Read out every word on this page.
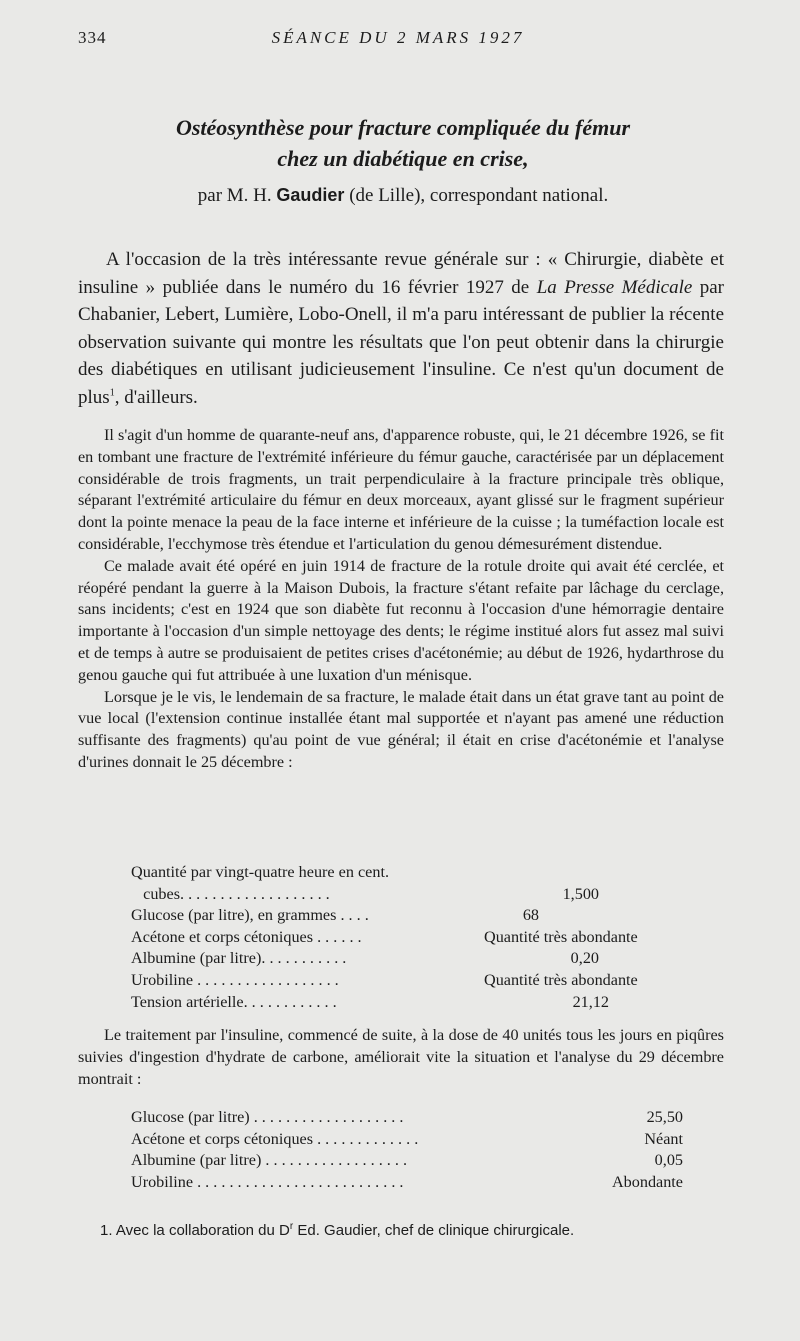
334	SÉANCE DU 2 MARS 1927
Ostéosynthèse pour fracture compliquée du fémur
chez un diabétique en crise,
par M. H. Gaudier (de Lille), correspondant national.

A l'occasion de la très intéressante revue générale sur : « Chirurgie, diabète et insuline » publiée dans le numéro du 16 février 1927 de La Presse Médicale par Chabanier, Lebert, Lumière, Lobo-Onell, il m'a paru intéressant de publier la récente observation suivante qui montre les résultats que l'on peut obtenir dans la chirurgie des diabétiques en utilisant judicieusement l'insuline. Ce n'est qu'un document de plus$^1$, d'ailleurs.

Il s'agit d'un homme de quarante-neuf ans, d'apparence robuste, qui, le 21 décembre 1926, se fit en tombant une fracture de l'extrémité inférieure du fémur gauche, caractérisée par un déplacement considérable de trois fragments, un trait perpendiculaire à la fracture principale très oblique, séparant l'extrémité articulaire du fémur en deux morceaux, ayant glissé sur le fragment supérieur dont la pointe menace la peau de la face interne et inférieure de la cuisse ; la tuméfaction locale est considérable, l'ecchymose très étendue et l'articulation du genou démesurément distendue.

Ce malade avait été opéré en juin 1914 de fracture de la rotule droite qui avait été cerclée, et réopéré pendant la guerre à la Maison Dubois, la fracture s'étant refaite par lâchage du cerclage, sans incidents; c'est en 1924 que son diabète fut reconnu à l'occasion d'une hémorragie dentaire importante à l'occasion d'un simple nettoyage des dents; le régime institué alors fut assez mal suivi et de temps à autre se produisaient de petites crises d'acétonémie; au début de 1926, hydarthrose du genou gauche qui fut attribuée à une luxation d'un ménisque.

Lorsque je le vis, le lendemain de sa fracture, le malade était dans un état grave tant au point de vue local (l'extension continue installée étant mal supportée et n'ayant pas amené une réduction suffisante des fragments) qu'au point de vue général; il était en crise d'acétonémie et l'analyse d'urines donnait le 25 décembre :

Quantité par vingt-quatre heure en cent.
cubes. . . . . . . . . . . . . . . . . . .	1,500
Glucose (par litre), en grammes . . . .	68
Acétone et corps cétoniques . . . . . .	Quantité très abondante
Albumine (par litre). . . . . . . . . . .	0,20
Urobiline . . . . . . . . . . . . . . . . . .	Quantité très abondante
Tension artérielle. . . . . . . . . . . .	21,12

Le traitement par l'insuline, commencé de suite, à la dose de 40 unités tous les jours en piqûres suivies d'ingestion d'hydrate de carbone, améliorait vite la situation et l'analyse du 29 décembre montrait :

Glucose (par litre) . . . . . . . . . . . . . . . . . . .	25,50
Acétone et corps cétoniques . . . . . . . . . . . . .	Néant
Albumine (par litre) . . . . . . . . . . . . . . . . . .	0,05
Urobiline . . . . . . . . . . . . . . . . . . . . . . . . . .	Abondante
1. Avec la collaboration du $D^r$ Ed. Gaudier, chef de clinique chirurgicale.
